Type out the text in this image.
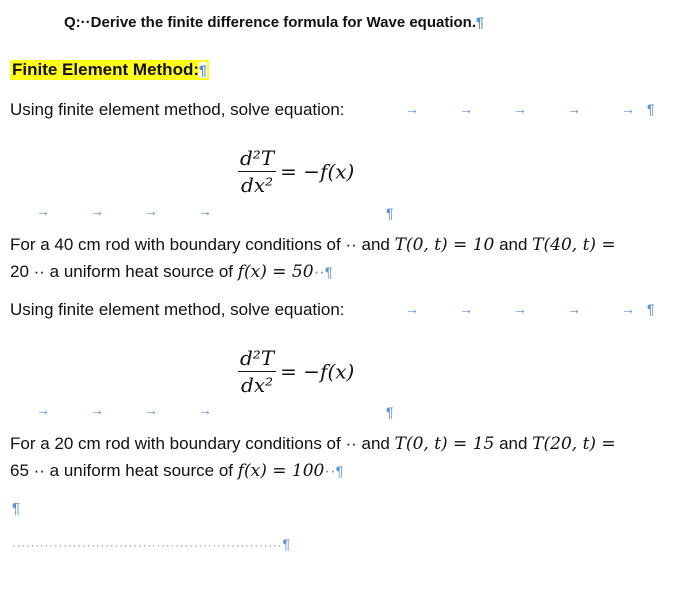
Q:··Derive the finite difference formula for Wave equation.¶
Finite Element Method:¶
Using finite element method, solve equation:	→	→	→	→	→ ¶
$\frac{\text{d²T}}{\text{dx²}} = -f(x)$
→	→	→	→	¶
For a 40 cm rod with boundary conditions of ·· and T(0, t) = 10 and T(40, t) =
20 ·· a uniform heat source of f(x) = 50··¶
Using finite element method, solve equation:	→	→	→	→	→ ¶
$\frac{\text{d²T}}{\text{dx²}} = -f(x)$
→	→	→	→	¶
For a 20 cm rod with boundary conditions of ·· and T(0, t) = 15 and T(20, t) =
65 ·· a uniform heat source of f(x) = 100··¶
¶
··························································¶
